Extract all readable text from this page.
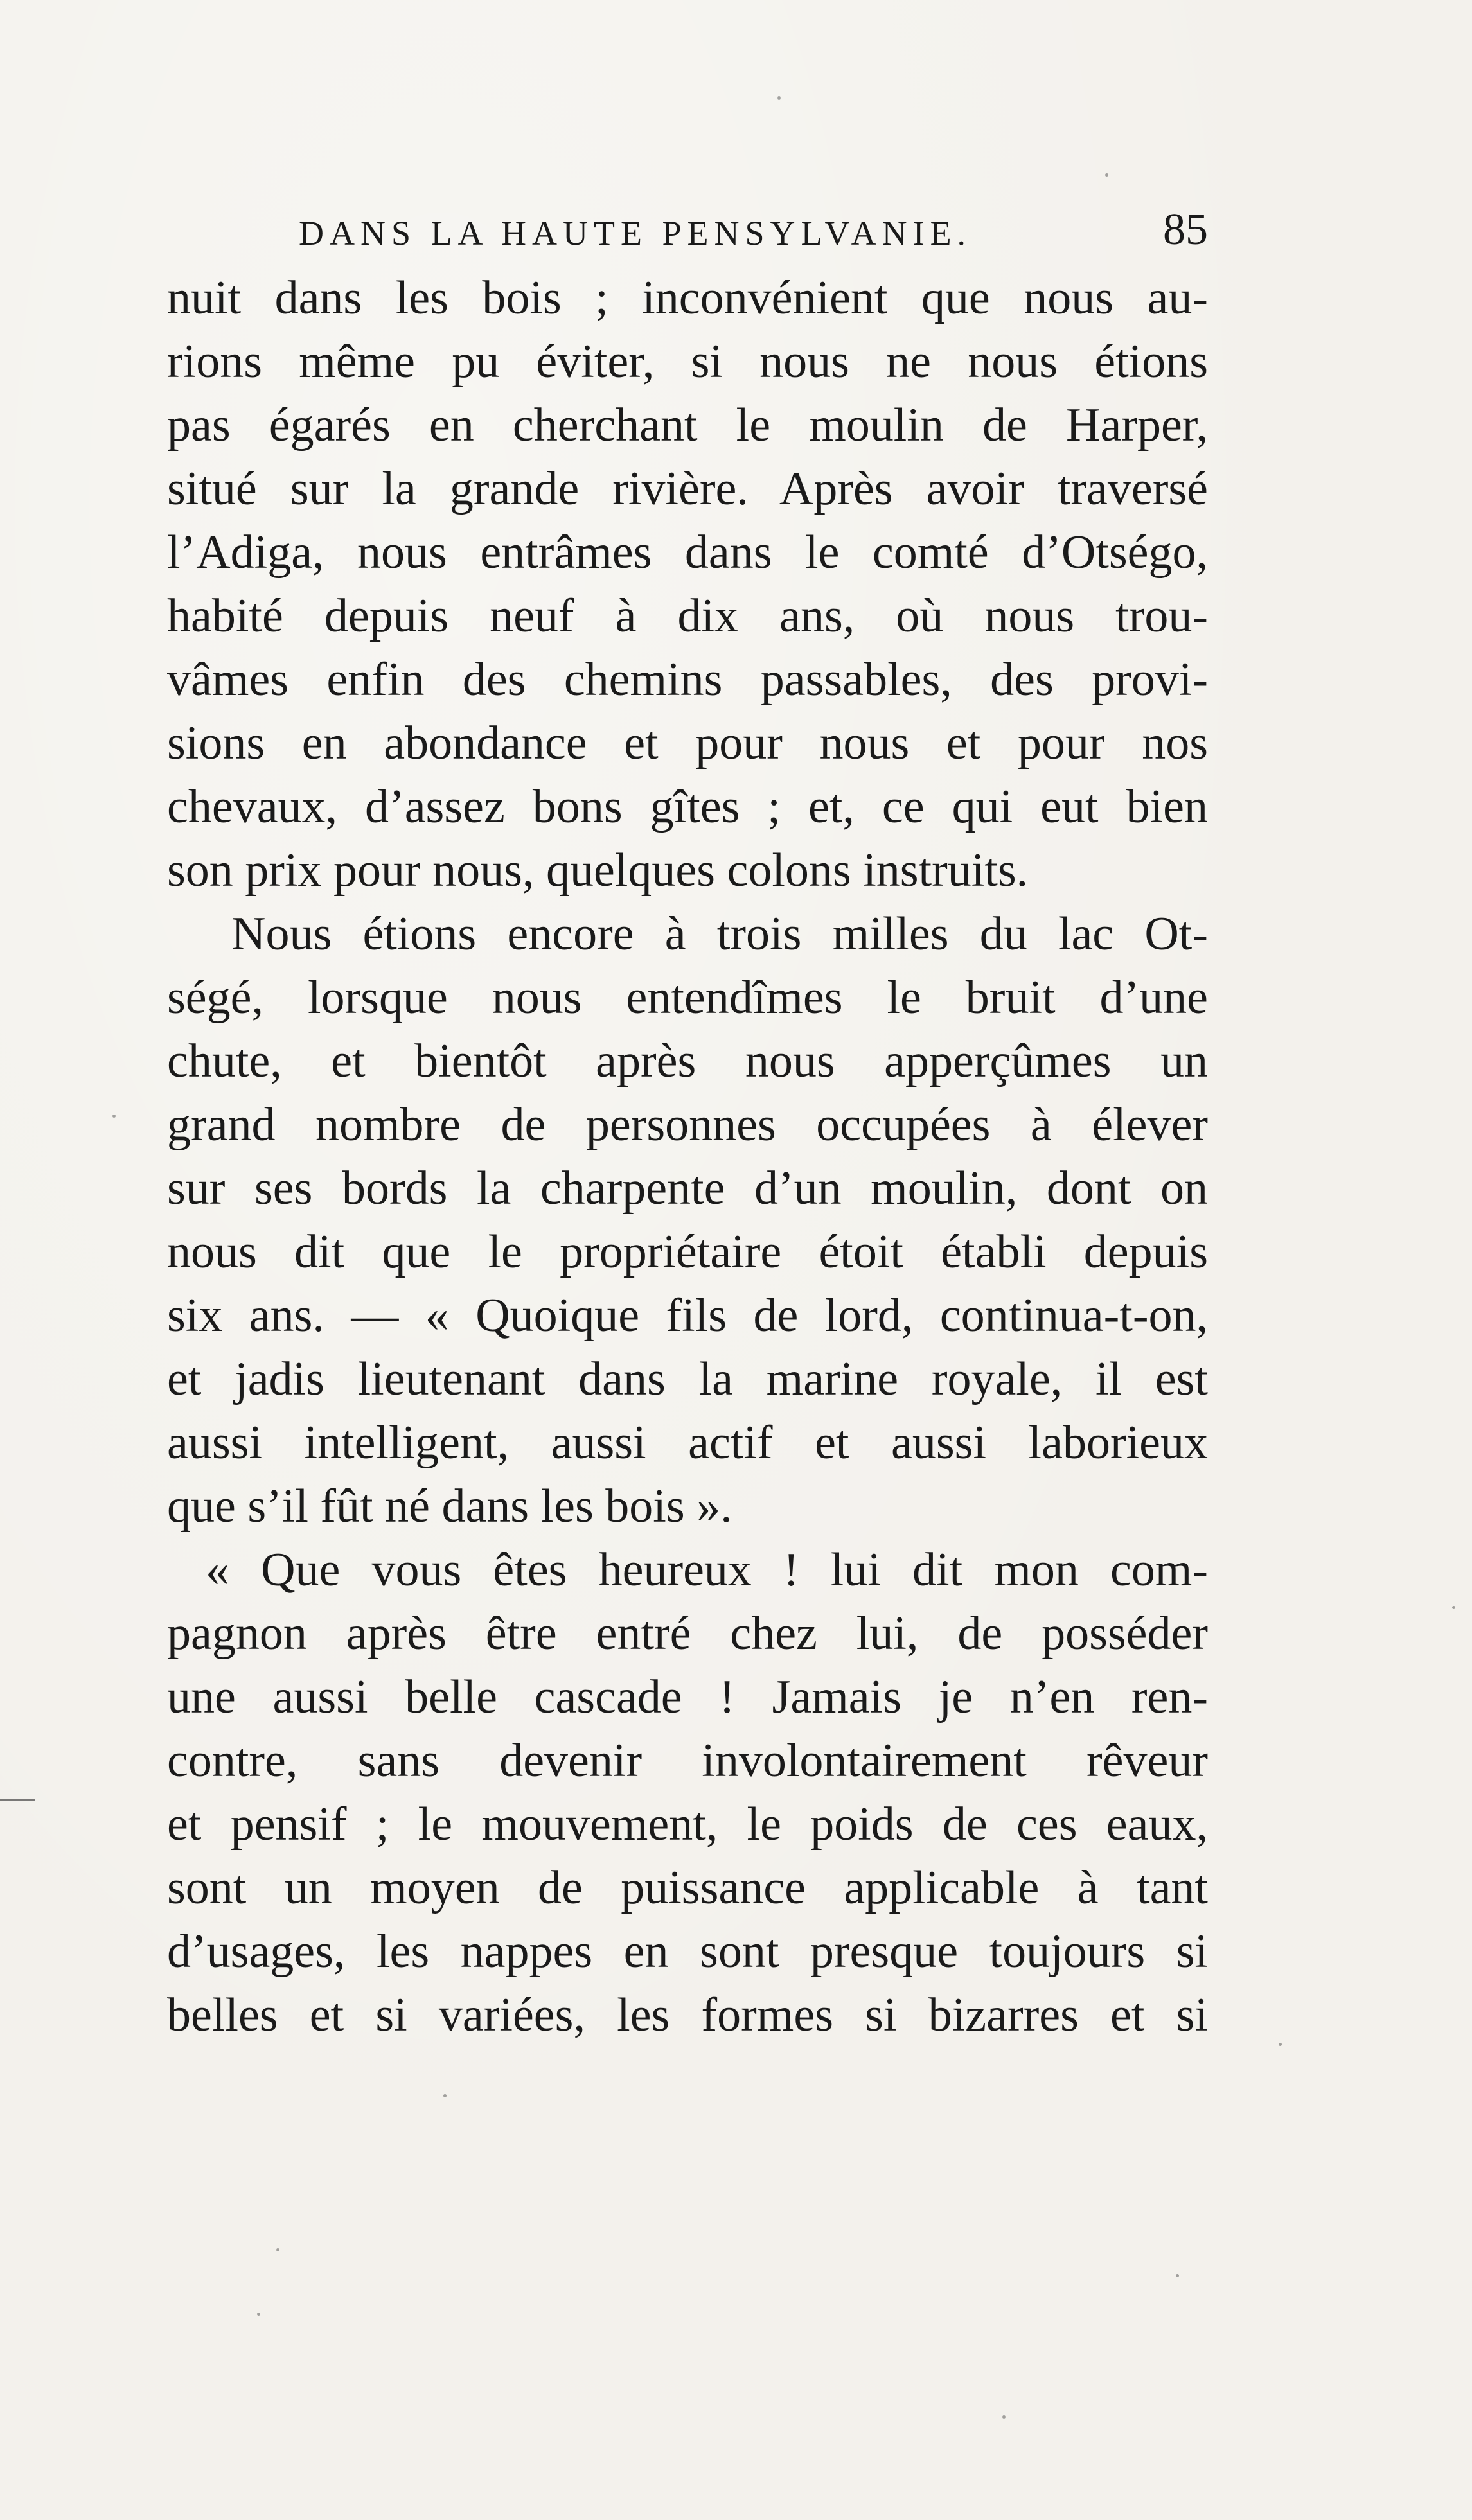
DANS LA HAUTE PENSYLVANIE.	85
nuit dans les bois ; inconvénient que nous au-
rions même pu éviter, si nous ne nous étions
pas égarés en cherchant le moulin de Harper,
situé sur la grande rivière. Après avoir traversé
l’Adiga, nous entrâmes dans le comté d’Otségo,
habité depuis neuf à dix ans, où nous trou-
vâmes enfin des chemins passables, des provi-
sions en abondance et pour nous et pour nos
chevaux, d’assez bons gîtes ; et, ce qui eut bien
son prix pour nous, quelques colons instruits.
Nous étions encore à trois milles du lac Ot-
ségé, lorsque nous entendîmes le bruit d’une
chute, et bientôt après nous apperçûmes un
grand nombre de personnes occupées à élever
sur ses bords la charpente d’un moulin, dont on
nous dit que le propriétaire étoit établi depuis
six ans. — « Quoique fils de lord, continua-t-on,
et jadis lieutenant dans la marine royale, il est
aussi intelligent, aussi actif et aussi laborieux
que s’il fût né dans les bois ».
« Que vous êtes heureux ! lui dit mon com-
pagnon après être entré chez lui, de posséder
une aussi belle cascade ! Jamais je n’en ren-
contre, sans devenir involontairement rêveur
et pensif ; le mouvement, le poids de ces eaux,
sont un moyen de puissance applicable à tant
d’usages, les nappes en sont presque toujours si
belles et si variées, les formes si bizarres et si
